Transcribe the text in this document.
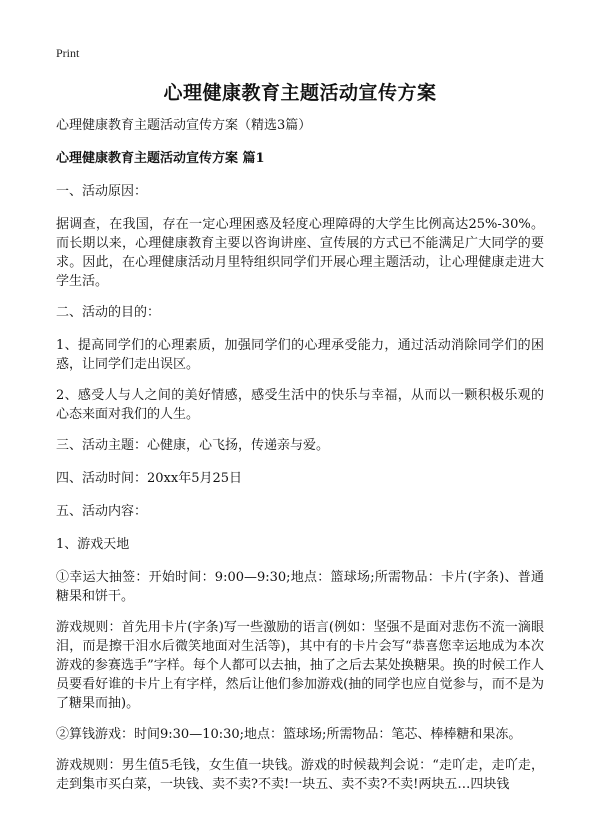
Print
心理健康教育主题活动宣传方案

心理健康教育主题活动宣传方案（精选3篇）

心理健康教育主题活动宣传方案 篇1

一、活动原因：

据调查，在我国，存在一定心理困惑及轻度心理障碍的大学生比例高达25%-30%。而长期以来，心理健康教育主要以咨询讲座、宣传展的方式已不能满足广大同学的要求。因此，在心理健康活动月里特组织同学们开展心理主题活动，让心理健康走进大学生活。

二、活动的目的：

1、提高同学们的心理素质，加强同学们的心理承受能力，通过活动消除同学们的困惑，让同学们走出误区。

2、感受人与人之间的美好情感，感受生活中的快乐与幸福，从而以一颗积极乐观的心态来面对我们的人生。

三、活动主题：心健康，心飞扬，传递亲与爱。

四、活动时间：20xx年5月25日

五、活动内容：

1、游戏天地

①幸运大抽签：开始时间：9:00—9:30;地点：篮球场;所需物品：卡片(字条)、普通糖果和饼干。

游戏规则：首先用卡片(字条)写一些激励的语言(例如：坚强不是面对悲伤不流一滴眼泪，而是擦干泪水后微笑地面对生活等)，其中有的卡片会写“恭喜您幸运地成为本次游戏的参赛选手”字样。每个人都可以去抽，抽了之后去某处换糖果。换的时候工作人员要看好谁的卡片上有字样，然后让他们参加游戏(抽的同学也应自觉参与，而不是为了糖果而抽)。

②算钱游戏：时间9:30—10:30;地点：篮球场;所需物品：笔芯、棒棒糖和果冻。

游戏规则：男生值5毛钱，女生值一块钱。游戏的时候裁判会说：“走吖走，走吖走，走到集市买白菜，一块钱、卖不卖?不卖!一块五、卖不卖?不卖!两块五…四块钱
